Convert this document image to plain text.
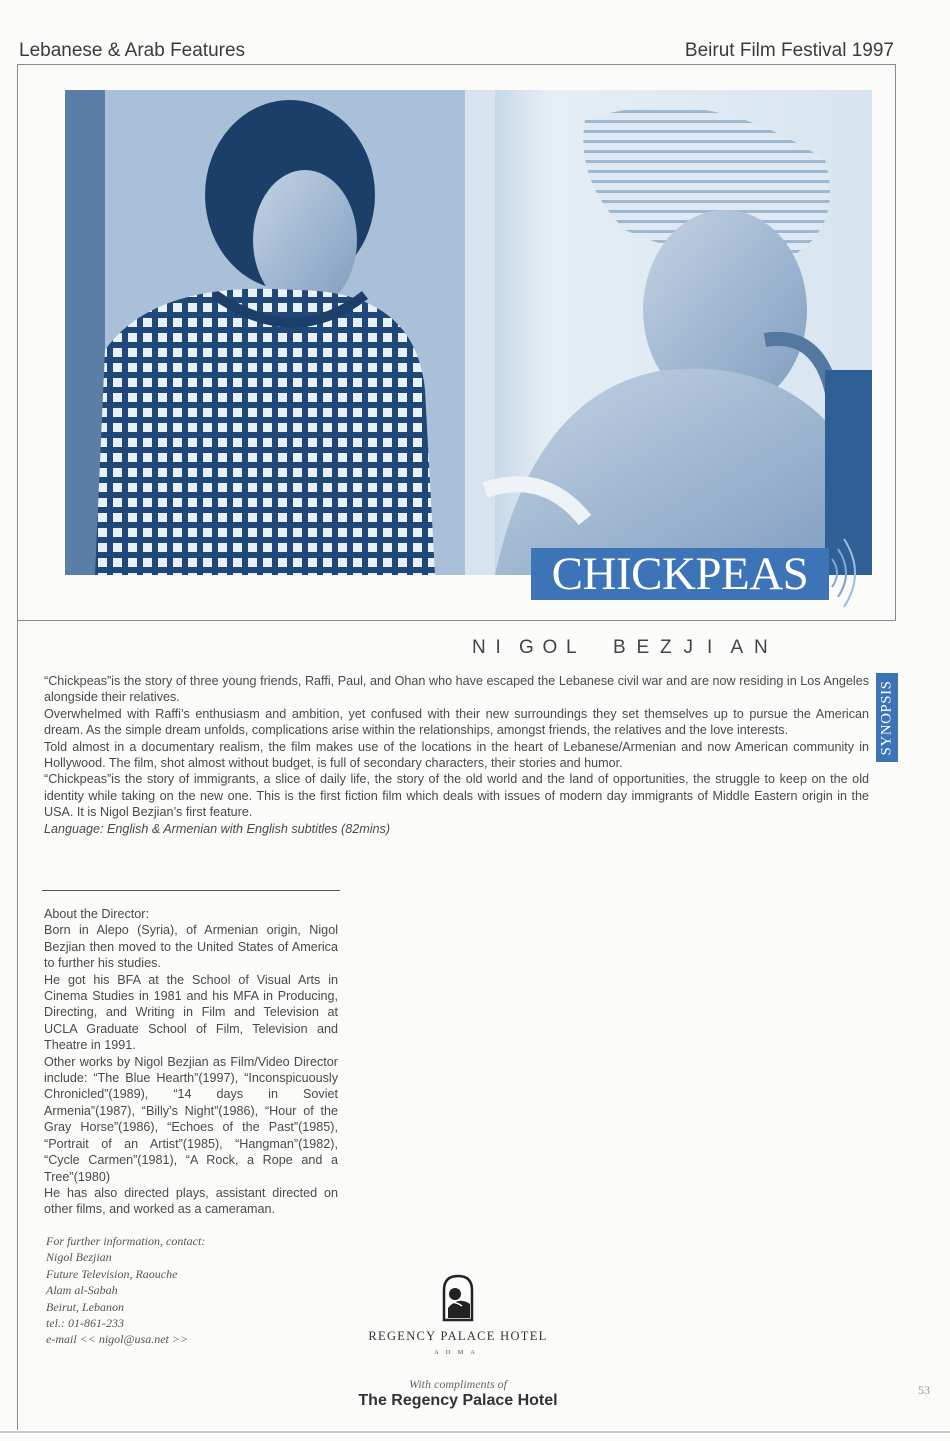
Lebanese & Arab Features	Beirut Film Festival 1997
CHICKPEAS
N I G O L B E Z J I A N

“Chickpeas”is the story of three young friends, Raffi, Paul, and Ohan who have escaped the Lebanese civil war and are now residing in Los Angeles alongside their relatives.

Overwhelmed with Raffi’s enthusiasm and ambition, yet confused with their new surroundings they set themselves up to pursue the American dream. As the simple dream unfolds, complications arise within the relationships, amongst friends, the relatives and the love interests.

Told almost in a documentary realism, the film makes use of the locations in the heart of Lebanese/Armenian and now American community in Hollywood. The film, shot almost without budget, is full of secondary characters, their stories and humor.

“Chickpeas”is the story of immigrants, a slice of daily life, the story of the old world and the land of opportunities, the struggle to keep on the old identity while taking on the new one. This is the first fiction film which deals with issues of modern day immigrants of Middle Eastern origin in the USA. It is Nigol Bezjian’s first feature.

Language: English & Armenian with English subtitles (82mins)

SYNOPSIS

About the Director:

Born in Alepo (Syria), of Armenian origin, Nigol Bezjian then moved to the United States of America to further his studies.

He got his BFA at the School of Visual Arts in Cinema Studies in 1981 and his MFA in Producing, Directing, and Writing in Film and Television at UCLA Graduate School of Film, Television and Theatre in 1991.

Other works by Nigol Bezjian as Film/Video Director include: “The Blue Hearth”(1997), “Inconspicuously Chronicled”(1989), “14 days in Soviet Armenia”(1987), “Billy’s Night”(1986), “Hour of the Gray Horse”(1986), “Echoes of the Past”(1985), “Portrait of an Artist”(1985), “Hangman”(1982), “Cycle Carmen”(1981), “A Rock, a Rope and a Tree”(1980)

He has also directed plays, assistant directed on other films, and worked as a cameraman.

For further information, contact:
Nigol Bezjian
Future Television, Raouche
Alam al-Sabah
Beirut, Lebanon
tel.: 01-861-233
e-mail << nigol@usa.net >>	REGENCY PALACE HOTEL
ADMA
With compliments of
The Regency Palace Hotel
53
